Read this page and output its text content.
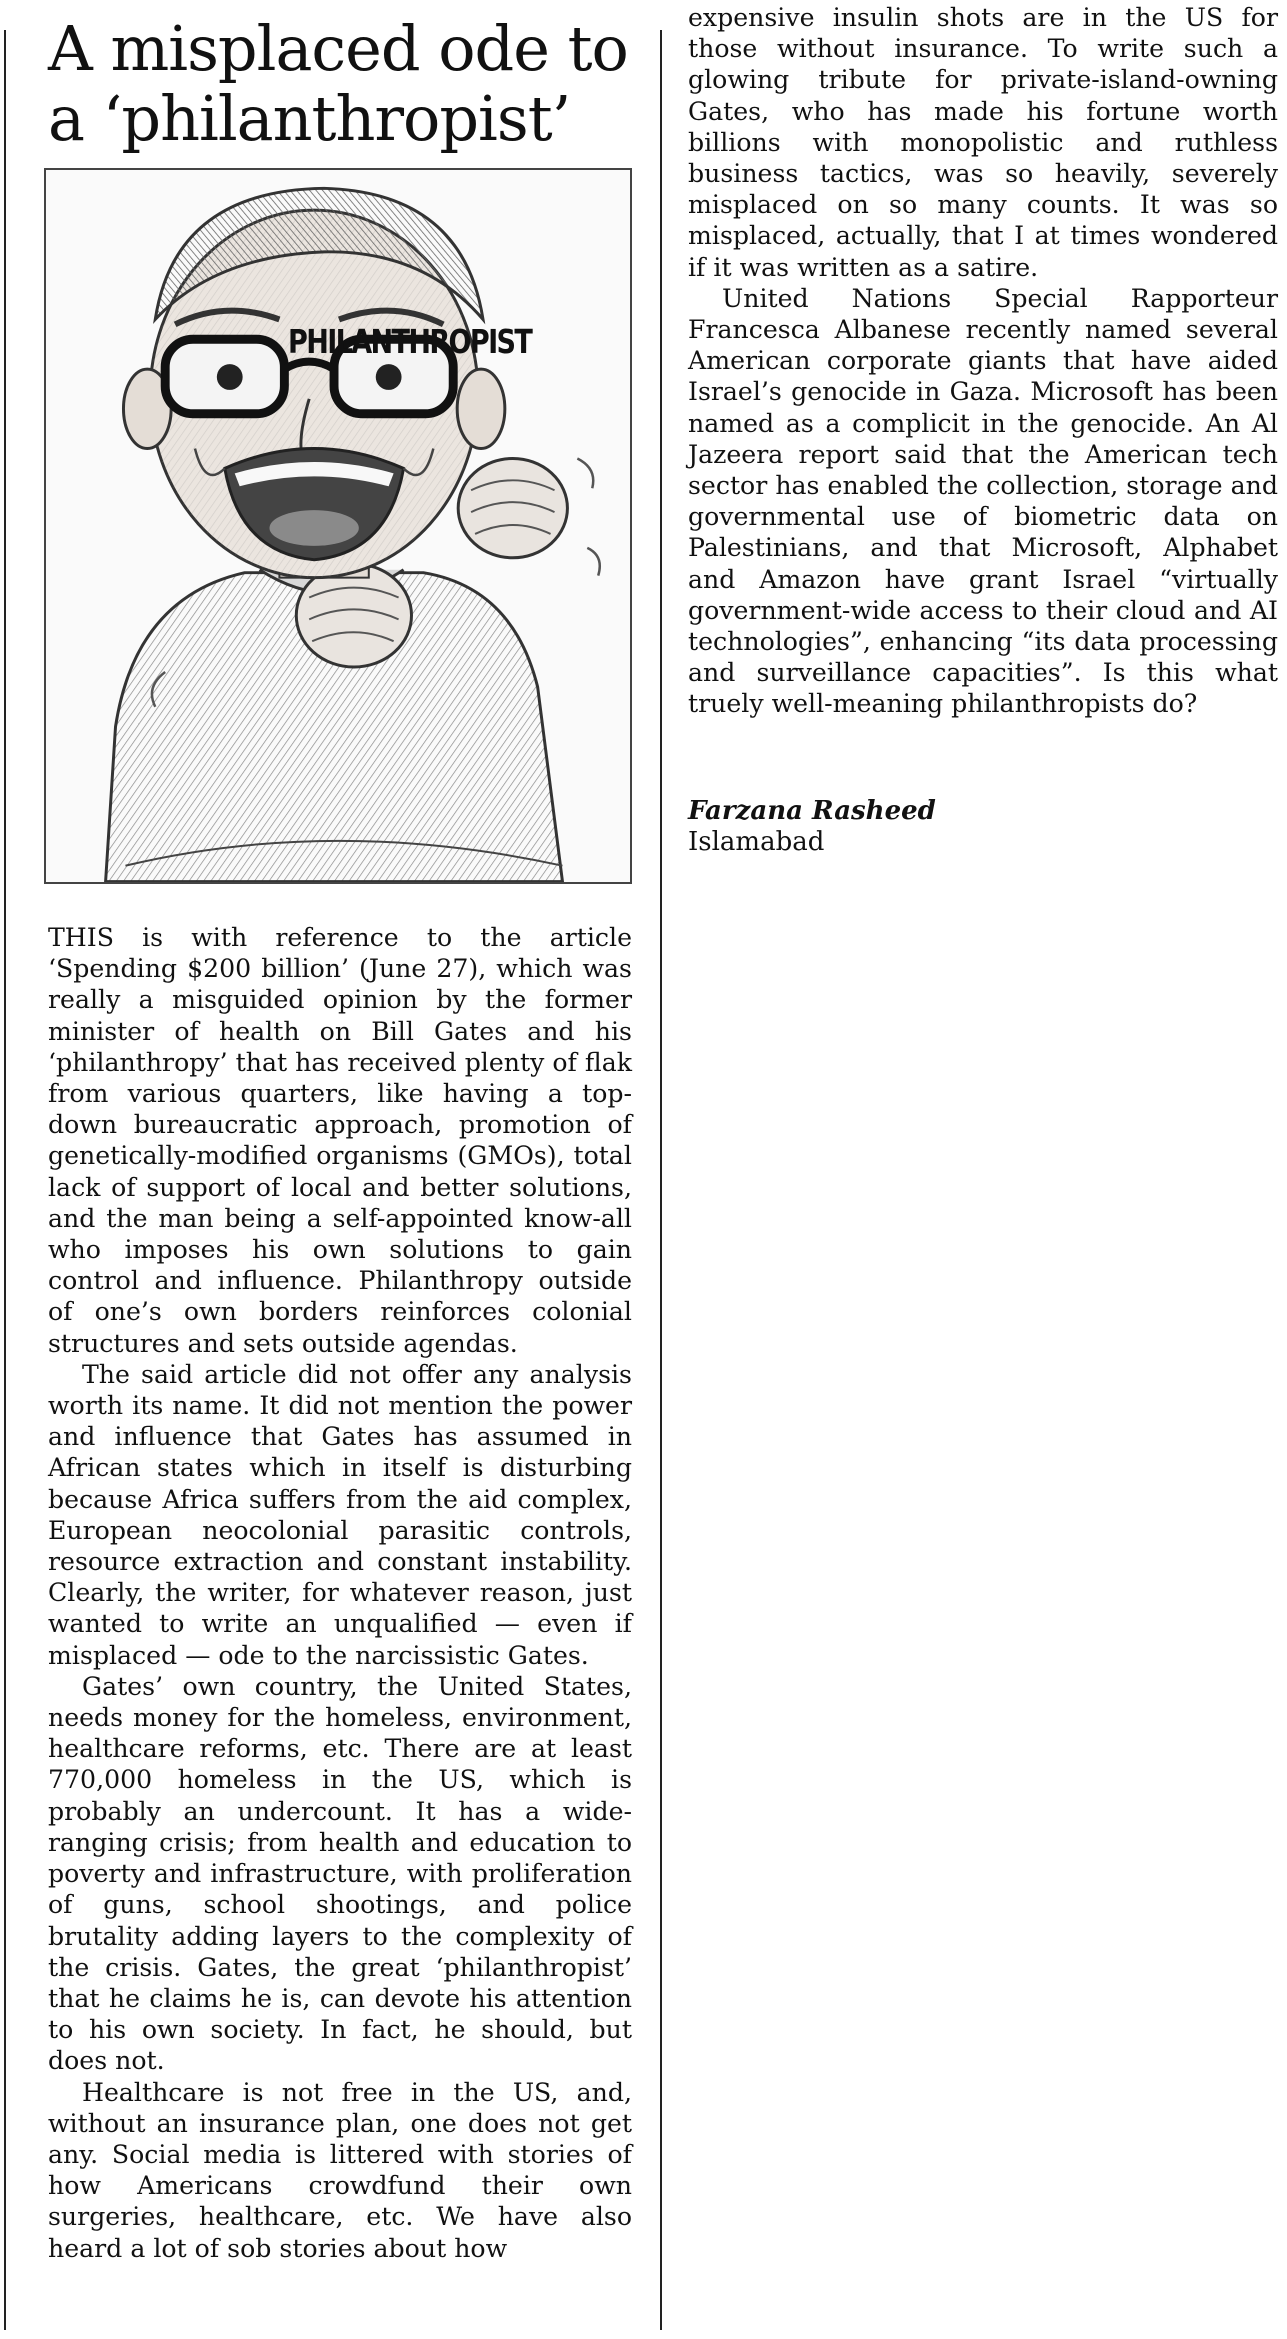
A misplaced ode to a ‘philanthropist’
PHILANTHROPIST

THIS is with reference to the article ‘Spending $200 billion’ (June 27), which was really a misguided opinion by the former minister of health on Bill Gates and his ‘philanthropy’ that has received plenty of flak from various quarters, like having a top-down bureaucratic approach, promotion of genetically-modified organisms (GMOs), total lack of support of local and better solutions, and the man being a self-appointed know-all who imposes his own solutions to gain control and influence. Philanthropy outside of one’s own borders reinforces colonial structures and sets outside agendas.

The said article did not offer any analysis worth its name. It did not mention the power and influence that Gates has assumed in African states which in itself is disturbing because Africa suffers from the aid complex, European neocolonial parasitic controls, resource extraction and constant instability. Clearly, the writer, for whatever reason, just wanted to write an unqualified — even if misplaced — ode to the narcissistic Gates.

Gates’ own country, the United States, needs money for the homeless, environment, healthcare reforms, etc. There are at least 770,000 homeless in the US, which is probably an undercount. It has a wide-ranging crisis; from health and education to poverty and infrastructure, with proliferation of guns, school shootings, and police brutality adding layers to the complexity of the crisis. Gates, the great ‘philanthropist’ that he claims he is, can devote his attention to his own society. In fact, he should, but does not.

Healthcare is not free in the US, and, without an insurance plan, one does not get any. Social media is littered with stories of how Americans crowdfund their own surgeries, healthcare, etc. We have also heard a lot of sob stories about how

expensive insulin shots are in the US for those without insurance. To write such a glowing tribute for private-island-owning Gates, who has made his fortune worth billions with monopolistic and ruthless business tactics, was so heavily, severely misplaced on so many counts. It was so misplaced, actually, that I at times wondered if it was written as a satire.

United Nations Special Rapporteur Francesca Albanese recently named several American corporate giants that have aided Israel’s genocide in Gaza. Microsoft has been named as a complicit in the genocide. An Al Jazeera report said that the American tech sector has enabled the collection, storage and governmental use of biometric data on Palestinians, and that Microsoft, Alphabet and Amazon have grant Israel “virtually government-wide access to their cloud and AI technologies”, enhancing “its data processing and surveillance capacities”. Is this what truely well-meaning philanthropists do?

Farzana Rasheed
Islamabad
